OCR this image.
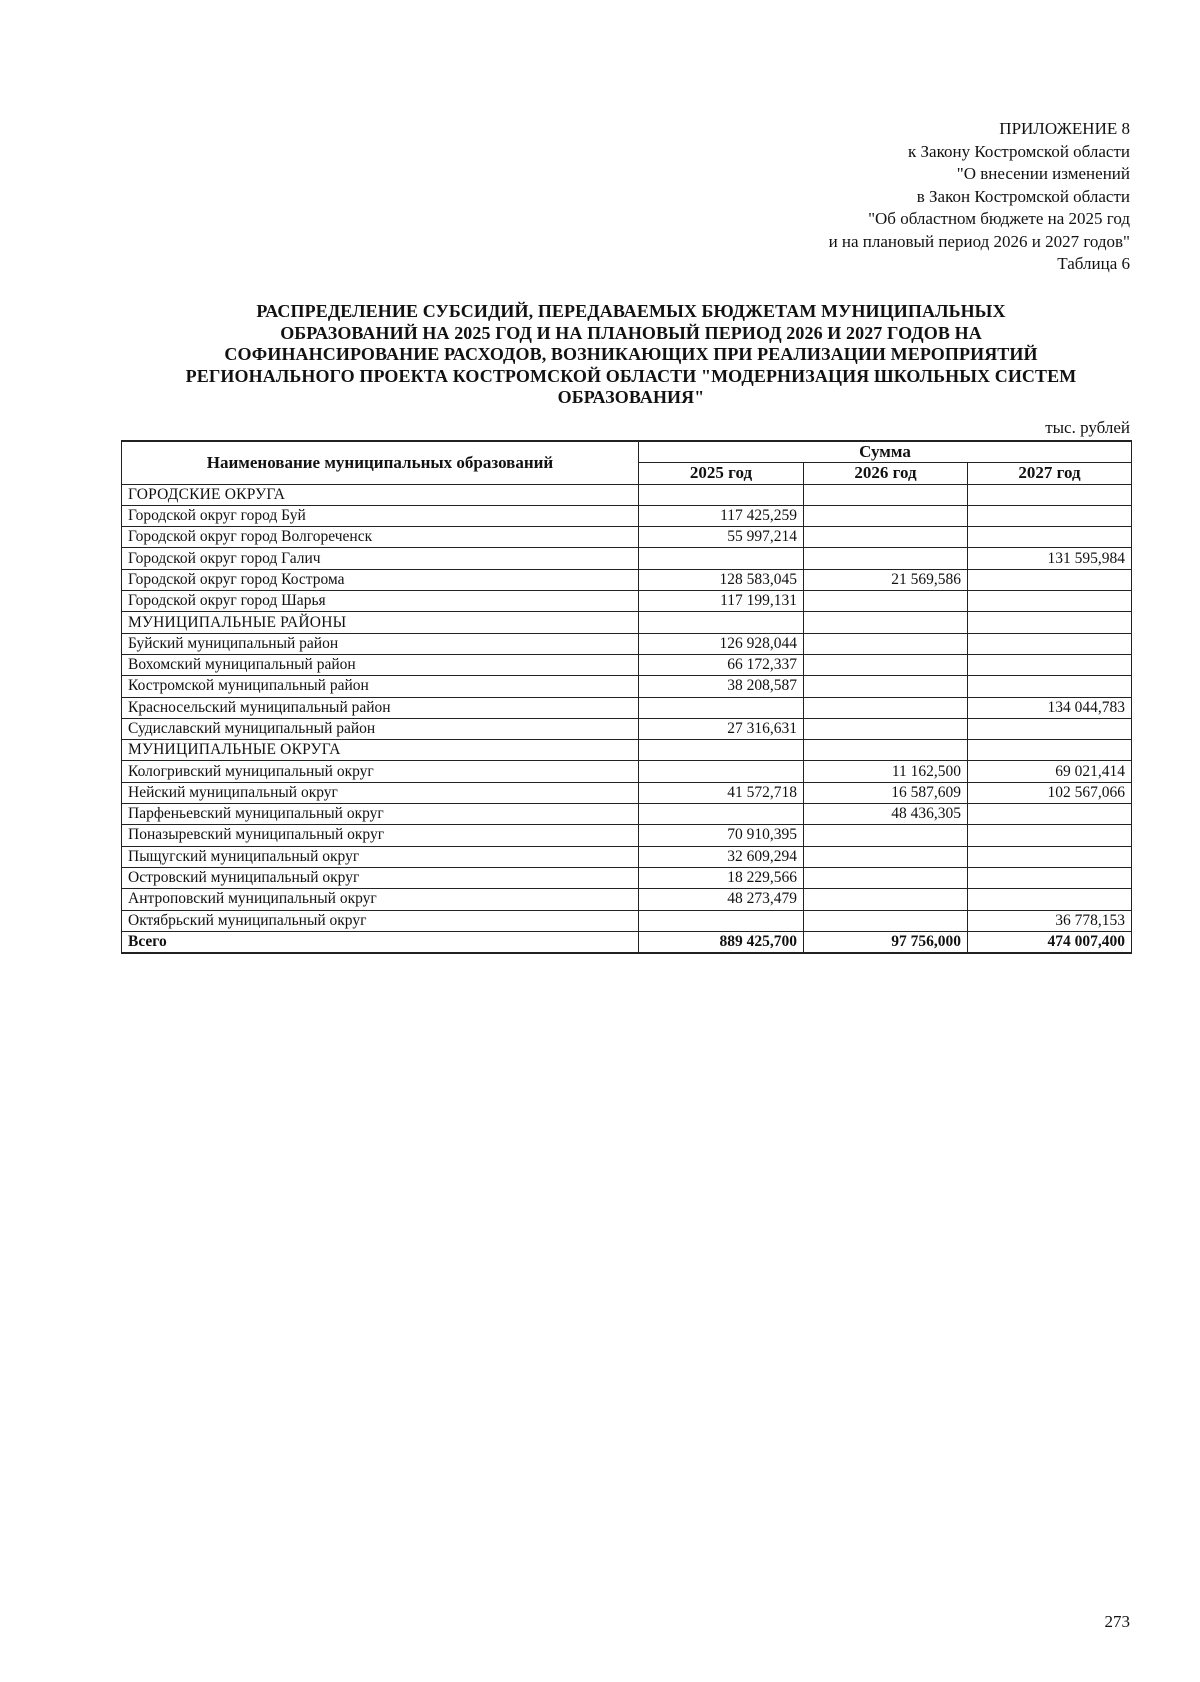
ПРИЛОЖЕНИЕ 8
к Закону Костромской области
"О внесении изменений
в Закон Костромской области
"Об областном бюджете на 2025 год
и на плановый период 2026 и 2027 годов"
Таблица 6
РАСПРЕДЕЛЕНИЕ СУБСИДИЙ, ПЕРЕДАВАЕМЫХ БЮДЖЕТАМ МУНИЦИПАЛЬНЫХ
ОБРАЗОВАНИЙ НА 2025 ГОД И НА ПЛАНОВЫЙ ПЕРИОД 2026 И 2027 ГОДОВ НА
СОФИНАНСИРОВАНИЕ РАСХОДОВ, ВОЗНИКАЮЩИХ ПРИ РЕАЛИЗАЦИИ МЕРОПРИЯТИЙ
РЕГИОНАЛЬНОГО ПРОЕКТА КОСТРОМСКОЙ ОБЛАСТИ "МОДЕРНИЗАЦИЯ ШКОЛЬНЫХ СИСТЕМ
ОБРАЗОВАНИЯ"
тыс. рублей
Наименование муниципальных образований	Сумма		
	2025 год	2026 год	2027 год
ГОРОДСКИЕ ОКРУГА			
Городской округ город Буй	117 425,259		
Городской округ город Волгореченск	55 997,214		
Городской округ город Галич			131 595,984
Городской округ город Кострома	128 583,045	21 569,586	
Городской округ город Шарья	117 199,131		
МУНИЦИПАЛЬНЫЕ РАЙОНЫ			
Буйский муниципальный район	126 928,044		
Вохомский муниципальный район	66 172,337		
Костромской муниципальный район	38 208,587		
Красносельский муниципальный район			134 044,783
Судиславский муниципальный район	27 316,631		
МУНИЦИПАЛЬНЫЕ ОКРУГА			
Кологривский муниципальный округ		11 162,500	69 021,414
Нейский муниципальный округ	41 572,718	16 587,609	102 567,066
Парфеньевский муниципальный округ		48 436,305	
Поназыревский муниципальный округ	70 910,395		
Пыщугский муниципальный округ	32 609,294		
Островский муниципальный округ	18 229,566		
Антроповский муниципальный округ	48 273,479		
Октябрьский муниципальный округ			36 778,153
Всего	889 425,700	97 756,000	474 007,400
273
